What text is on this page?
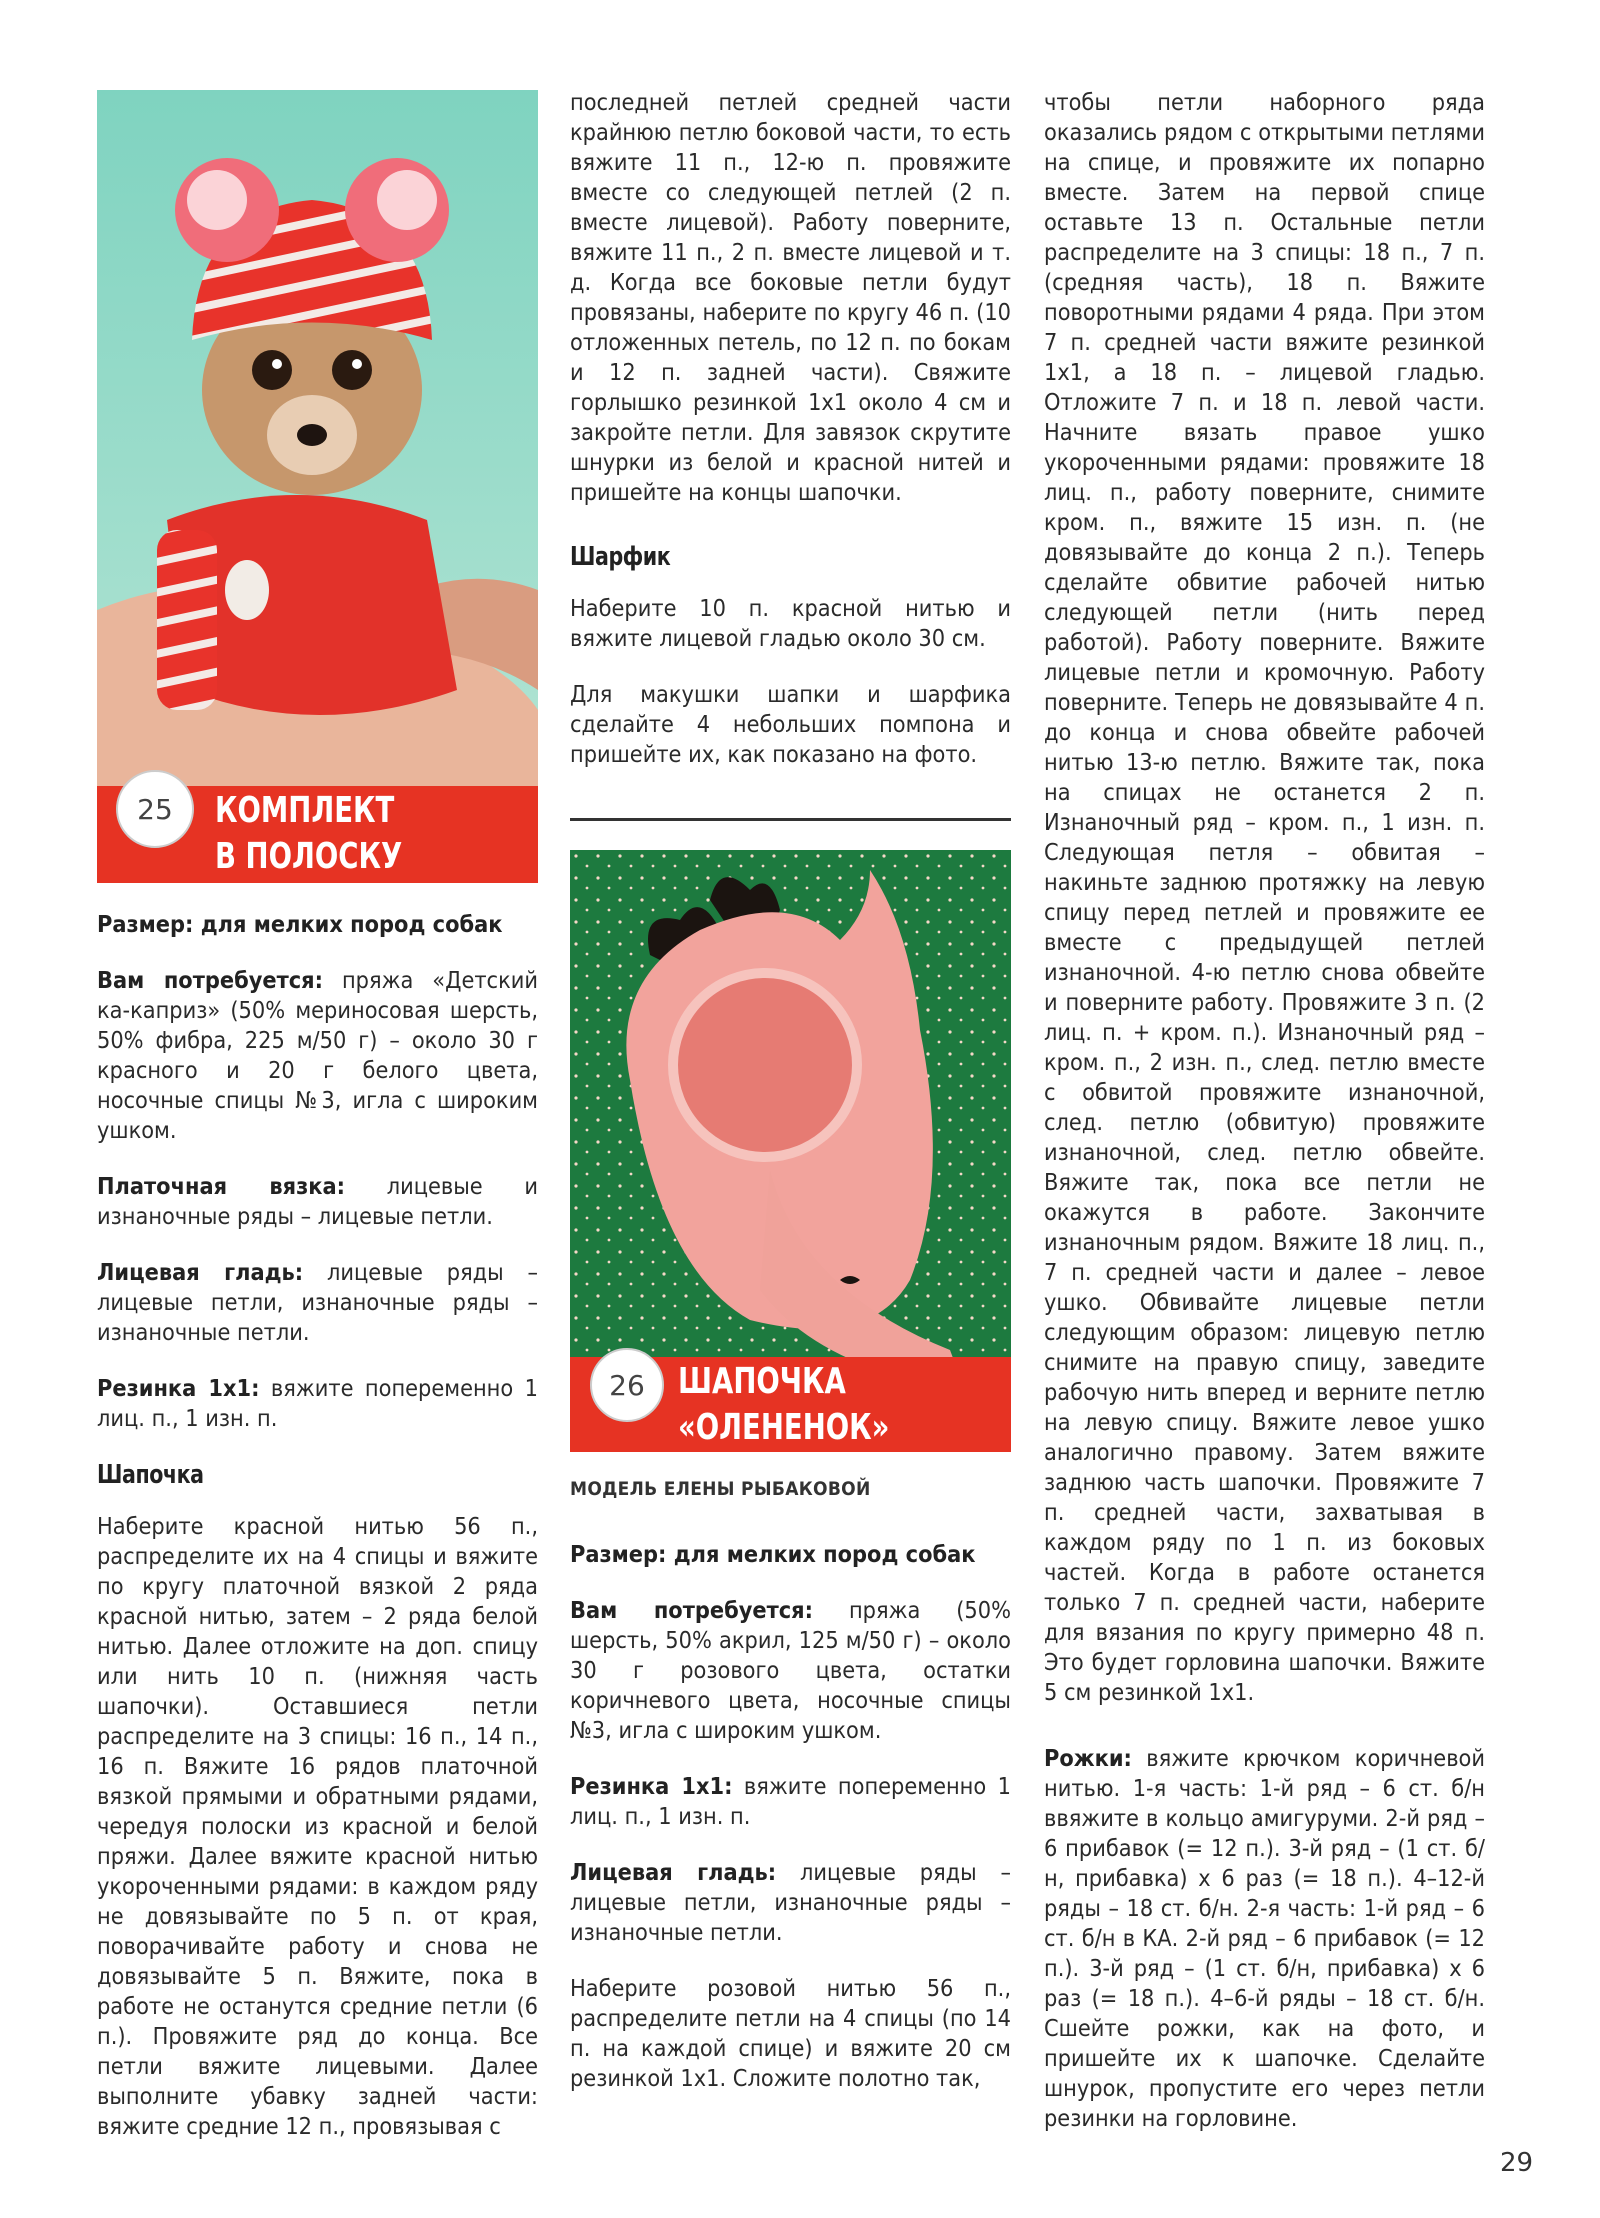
КОМПЛЕКТ
В ПОЛОСКУ
25

Размер: для мелких пород собак

Вам потребуется: пряжа «Детский ка-каприз» (50% мериносовая шерсть, 50% фибра, 225 м/50 г) – около 30 г красного и 20 г белого цвета, носочные спицы №3, игла с широким ушком.

Платочная вязка: лицевые и изнаночные ряды – лицевые петли.

Лицевая гладь: лицевые ряды – лицевые петли, изнаночные ряды – изнаночные петли.

Резинка 1х1: вяжите попеременно 1 лиц. п., 1 изн. п.

Шапочка

Наберите красной нитью 56 п., распределите их на 4 спицы и вяжите по кругу платочной вязкой 2 ряда красной нитью, затем – 2 ряда белой нитью. Далее отложите на доп. спицу или нить 10 п. (нижняя часть шапочки). Оставшиеся петли распределите на 3 спицы: 16 п., 14 п., 16 п. Вяжите 16 рядов платочной вязкой прямыми и обратными рядами, чередуя полоски из красной и белой пряжи. Далее вяжите красной нитью укороченными рядами: в каждом ряду не довязывайте по 5 п. от края, поворачивайте работу и снова не довязывайте 5 п. Вяжите, пока в работе не останутся средние петли (6 п.). Провяжите ряд до конца. Все петли вяжите лицевыми. Далее выполните убавку задней части: вяжите средние 12 п., провязывая с

последней петлей средней части крайнюю петлю боковой части, то есть вяжите 11 п., 12-ю п. провяжите вместе со следующей петлей (2 п. вместе лицевой). Работу поверните, вяжите 11 п., 2 п. вместе лицевой и т. д. Когда все боковые петли будут провязаны, наберите по кругу 46 п. (10 отложенных петель, по 12 п. по бокам и 12 п. задней части). Свяжите горлышко резинкой 1х1 около 4 см и закройте петли. Для завязок скрутите шнурки из белой и красной нитей и пришейте на концы шапочки.

Шарфик

Наберите 10 п. красной нитью и вяжите лицевой гладью около 30 см.

Для макушки шапки и шарфика сделайте 4 небольших помпона и пришейте их, как показано на фото.

ШАПОЧКА
«ОЛЕНЕНОК»
26
МОДЕЛЬ ЕЛЕНЫ РЫБАКОВОЙ

Размер: для мелких пород собак

Вам потребуется: пряжа (50% шерсть, 50% акрил, 125 м/50 г) – около 30 г розового цвета, остатки коричневого цвета, носочные спицы №3, игла с широким ушком.

Резинка 1х1: вяжите попеременно 1 лиц. п., 1 изн. п.

Лицевая гладь: лицевые ряды – лицевые петли, изнаночные ряды – изнаночные петли.

Наберите розовой нитью 56 п., распределите петли на 4 спицы (по 14 п. на каждой спице) и вяжите 20 см резинкой 1х1. Сложите полотно так,

чтобы петли наборного ряда оказались рядом с открытыми петлями на спице, и провяжите их попарно вместе. Затем на первой спице оставьте 13 п. Остальные петли распределите на 3 спицы: 18 п., 7 п. (средняя часть), 18 п. Вяжите поворотными рядами 4 ряда. При этом 7 п. средней части вяжите резинкой 1х1, а 18 п. – лицевой гладью. Отложите 7 п. и 18 п. левой части. Начните вязать правое ушко укороченными рядами: провяжите 18 лиц. п., работу поверните, снимите кром. п., вяжите 15 изн. п. (не довязывайте до конца 2 п.). Теперь сделайте обвитие рабочей нитью следующей петли (нить перед работой). Работу поверните. Вяжите лицевые петли и кромочную. Работу поверните. Теперь не довязывайте 4 п. до конца и снова обвейте рабочей нитью 13-ю петлю. Вяжите так, пока на спицах не останется 2 п. Изнаночный ряд – кром. п., 1 изн. п. Следующая петля – обвитая – накиньте заднюю протяжку на левую спицу перед петлей и провяжите ее вместе с предыдущей петлей изнаночной. 4-ю петлю снова обвейте и поверните работу. Провяжите 3 п. (2 лиц. п. + кром. п.). Изнаночный ряд – кром. п., 2 изн. п., след. петлю вместе с обвитой провяжите изнаночной, след. петлю (обвитую) провяжите изнаночной, след. петлю обвейте. Вяжите так, пока все петли не окажутся в работе. Закончите изнаночным рядом. Вяжите 18 лиц. п., 7 п. средней части и далее – левое ушко. Обвивайте лицевые петли следующим образом: лицевую петлю снимите на правую спицу, заведите рабочую нить вперед и верните петлю на левую спицу. Вяжите левое ушко аналогично правому. Затем вяжите заднюю часть шапочки. Провяжите 7 п. средней части, захватывая в каждом ряду по 1 п. из боковых частей. Когда в работе останется только 7 п. средней части, наберите для вязания по кругу примерно 48 п. Это будет горловина шапочки. Вяжите 5 см резинкой 1х1.

Рожки: вяжите крючком коричневой нитью. 1-я часть: 1-й ряд – 6 ст. б/н ввяжите в кольцо амигуруми. 2-й ряд – 6 прибавок (= 12 п.). 3-й ряд – (1 ст. б/н, прибавка) х 6 раз (= 18 п.). 4–12-й ряды – 18 ст. б/н. 2-я часть: 1-й ряд – 6 ст. б/н в КА. 2-й ряд – 6 прибавок (= 12 п.). 3-й ряд – (1 ст. б/н, прибавка) х 6 раз (= 18 п.). 4–6-й ряды – 18 ст. б/н. Сшейте рожки, как на фото, и пришейте их к шапочке. Сделайте шнурок, пропустите его через петли резинки на горловине.

29
